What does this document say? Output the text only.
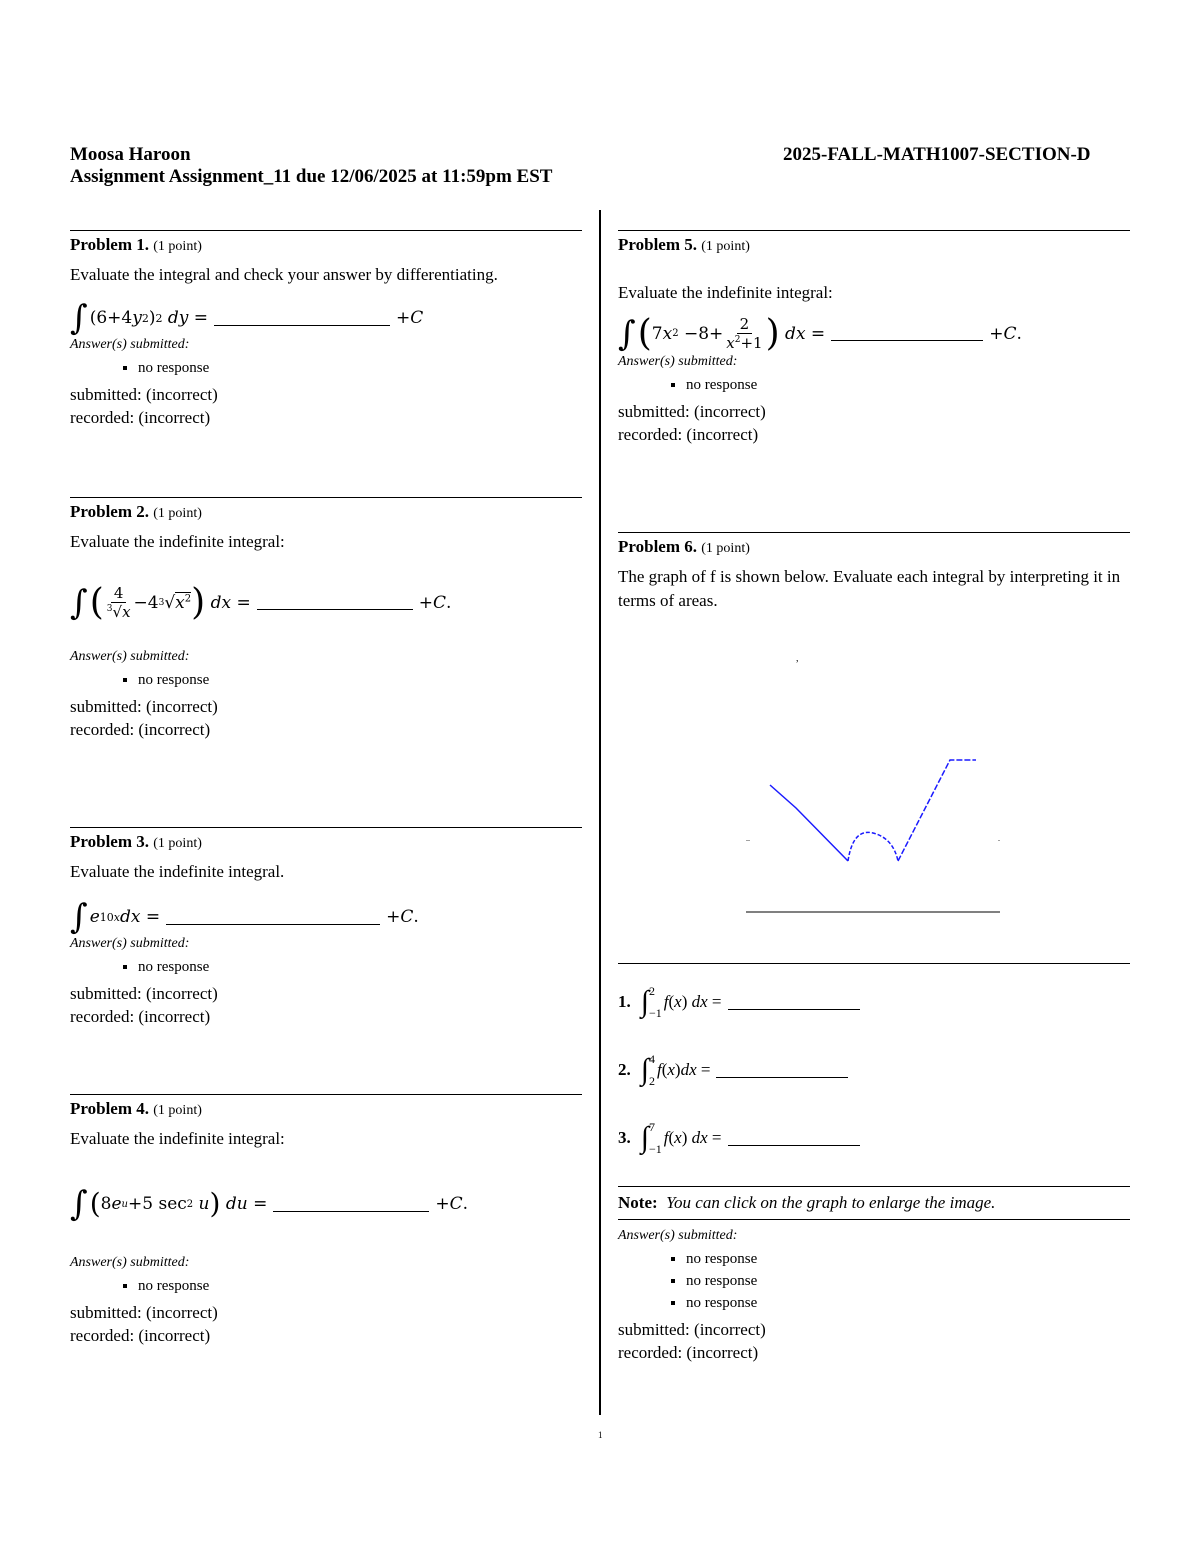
Moosa Haroon
Assignment Assignment_11 due 12/06/2025 at 11:59pm EST
2025-FALL-MATH1007-SECTION-D
Problem 1. (1 point)
Evaluate the integral and check your answer by differentiating.
∫ (6+4 y 2 ) 2 dy =	+ C
Answer(s) submitted:
▪ no response
submitted: (incorrect)
recorded: (incorrect)
Problem 2. (1 point)
Evaluate the indefinite integral:
∫ ( $\frac{4}{^3√x} -4$ 3 √ $x^2$ ) dx =	+ C .
Answer(s) submitted:
▪ no response
submitted: (incorrect)
recorded: (incorrect)
Problem 3. (1 point)
Evaluate the indefinite integral.
∫ e 10x dx =	+ C .
Answer(s) submitted:
▪ no response
submitted: (incorrect)
recorded: (incorrect)
Problem 4. (1 point)
Evaluate the indefinite integral:
∫ ( 8 e u +5 sec 2 u ) du =	+ C .
Answer(s) submitted:
▪ no response
submitted: (incorrect)
recorded: (incorrect)
Problem 5. (1 point)
Evaluate the indefinite integral:
∫ ( 7 x $2 -8+ \frac{2}{x^2+1}$ ) dx =	+ C .
Answer(s) submitted:
▪ no response
submitted: (incorrect)
recorded: (incorrect)
Problem 6. (1 point)
The graph of f is shown below. Evaluate each integral by interpreting it in terms of areas.
,
..	.
1. ∫ 2
−1
f ( x ) dx =
2. ∫ 4
2
f ( x ) dx =
3. ∫ 7
−1
f ( x ) dx =
Note: You can click on the graph to enlarge the image.
Answer(s) submitted:
▪ no response
▪ no response
▪ no response
submitted: (incorrect)
recorded: (incorrect)
1
